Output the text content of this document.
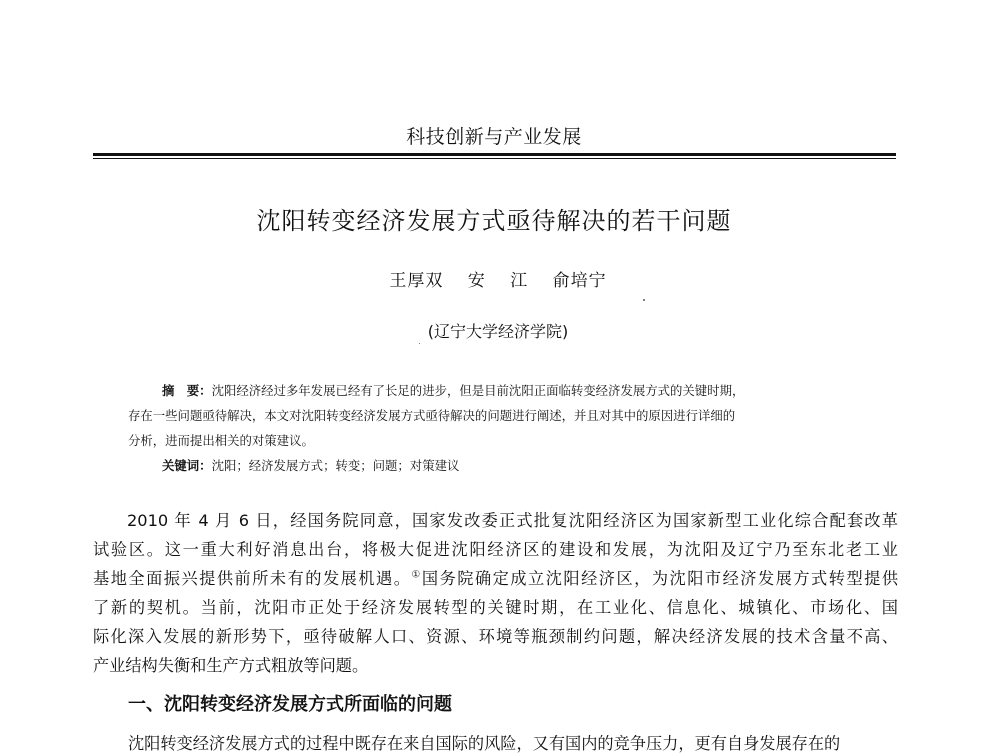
科技创新与产业发展
沈阳转变经济发展方式亟待解决的若干问题
王厚双 安 江 俞培宁
(辽宁大学经济学院)
摘　要：沈阳经济经过多年发展已经有了长足的进步，但是目前沈阳正面临转变经济发展方式的关键时期，
存在一些问题亟待解决，本文对沈阳转变经济发展方式亟待解决的问题进行阐述，并且对其中的原因进行详细的
分析，进而提出相关的对策建议。
关键词：沈阳；经济发展方式；转变；问题；对策建议
2010 年 4 月 6 日，经国务院同意，国家发改委正式批复沈阳经济区为国家新型工业化综合配套改革
试验区。这一重大利好消息出台，将极大促进沈阳经济区的建设和发展，为沈阳及辽宁乃至东北老工业
基地全面振兴提供前所未有的发展机遇。①国务院确定成立沈阳经济区，为沈阳市经济发展方式转型提供
了新的契机。当前，沈阳市正处于经济发展转型的关键时期，在工业化、信息化、城镇化、市场化、国
际化深入发展的新形势下，亟待破解人口、资源、环境等瓶颈制约问题，解决经济发展的技术含量不高、
产业结构失衡和生产方式粗放等问题。
一、沈阳转变经济发展方式所面临的问题
沈阳转变经济发展方式的过程中既存在来自国际的风险，又有国内的竞争压力，更有自身发展存在的
